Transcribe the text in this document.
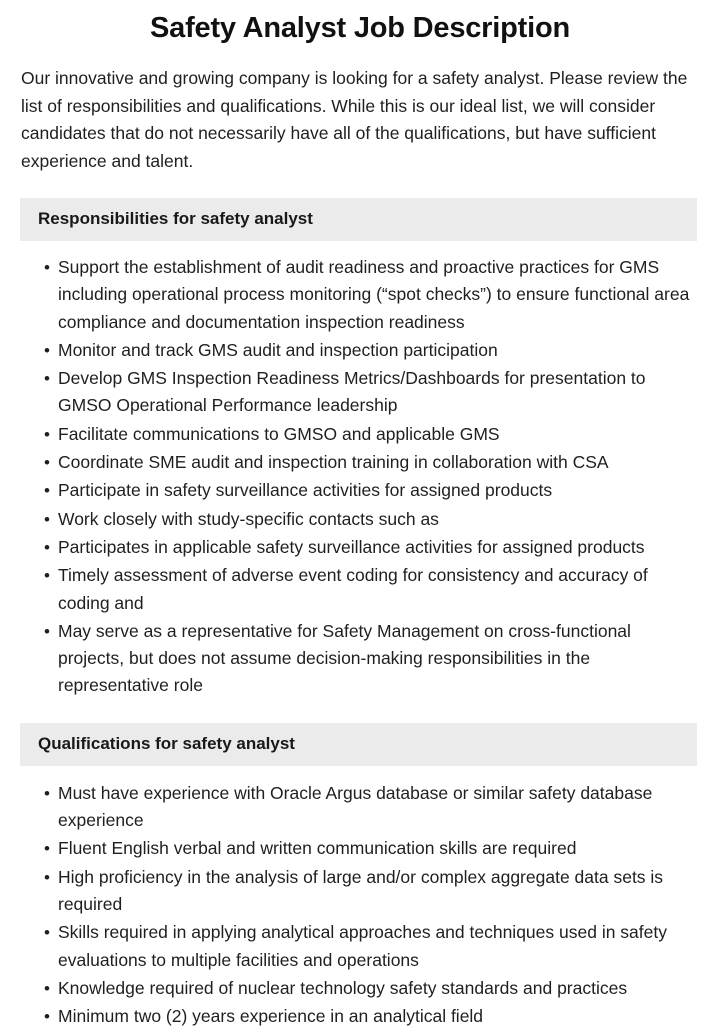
Safety Analyst Job Description

Our innovative and growing company is looking for a safety analyst. Please review the list of responsibilities and qualifications. While this is our ideal list, we will consider candidates that do not necessarily have all of the qualifications, but have sufficient experience and talent.

Responsibilities for safety analyst
• Support the establishment of audit readiness and proactive practices for GMS including operational process monitoring (“spot checks”) to ensure functional area compliance and documentation inspection readiness
• Monitor and track GMS audit and inspection participation
• Develop GMS Inspection Readiness Metrics/Dashboards for presentation to GMSO Operational Performance leadership
• Facilitate communications to GMSO and applicable GMS
• Coordinate SME audit and inspection training in collaboration with CSA
• Participate in safety surveillance activities for assigned products
• Work closely with study-specific contacts such as
• Participates in applicable safety surveillance activities for assigned products
• Timely assessment of adverse event coding for consistency and accuracy of coding and
• May serve as a representative for Safety Management on cross-functional projects, but does not assume decision-making responsibilities in the representative role
Qualifications for safety analyst
• Must have experience with Oracle Argus database or similar safety database experience
• Fluent English verbal and written communication skills are required
• High proficiency in the analysis of large and/or complex aggregate data sets is required
• Skills required in applying analytical approaches and techniques used in safety evaluations to multiple facilities and operations
• Knowledge required of nuclear technology safety standards and practices
• Minimum two (2) years experience in an analytical field
